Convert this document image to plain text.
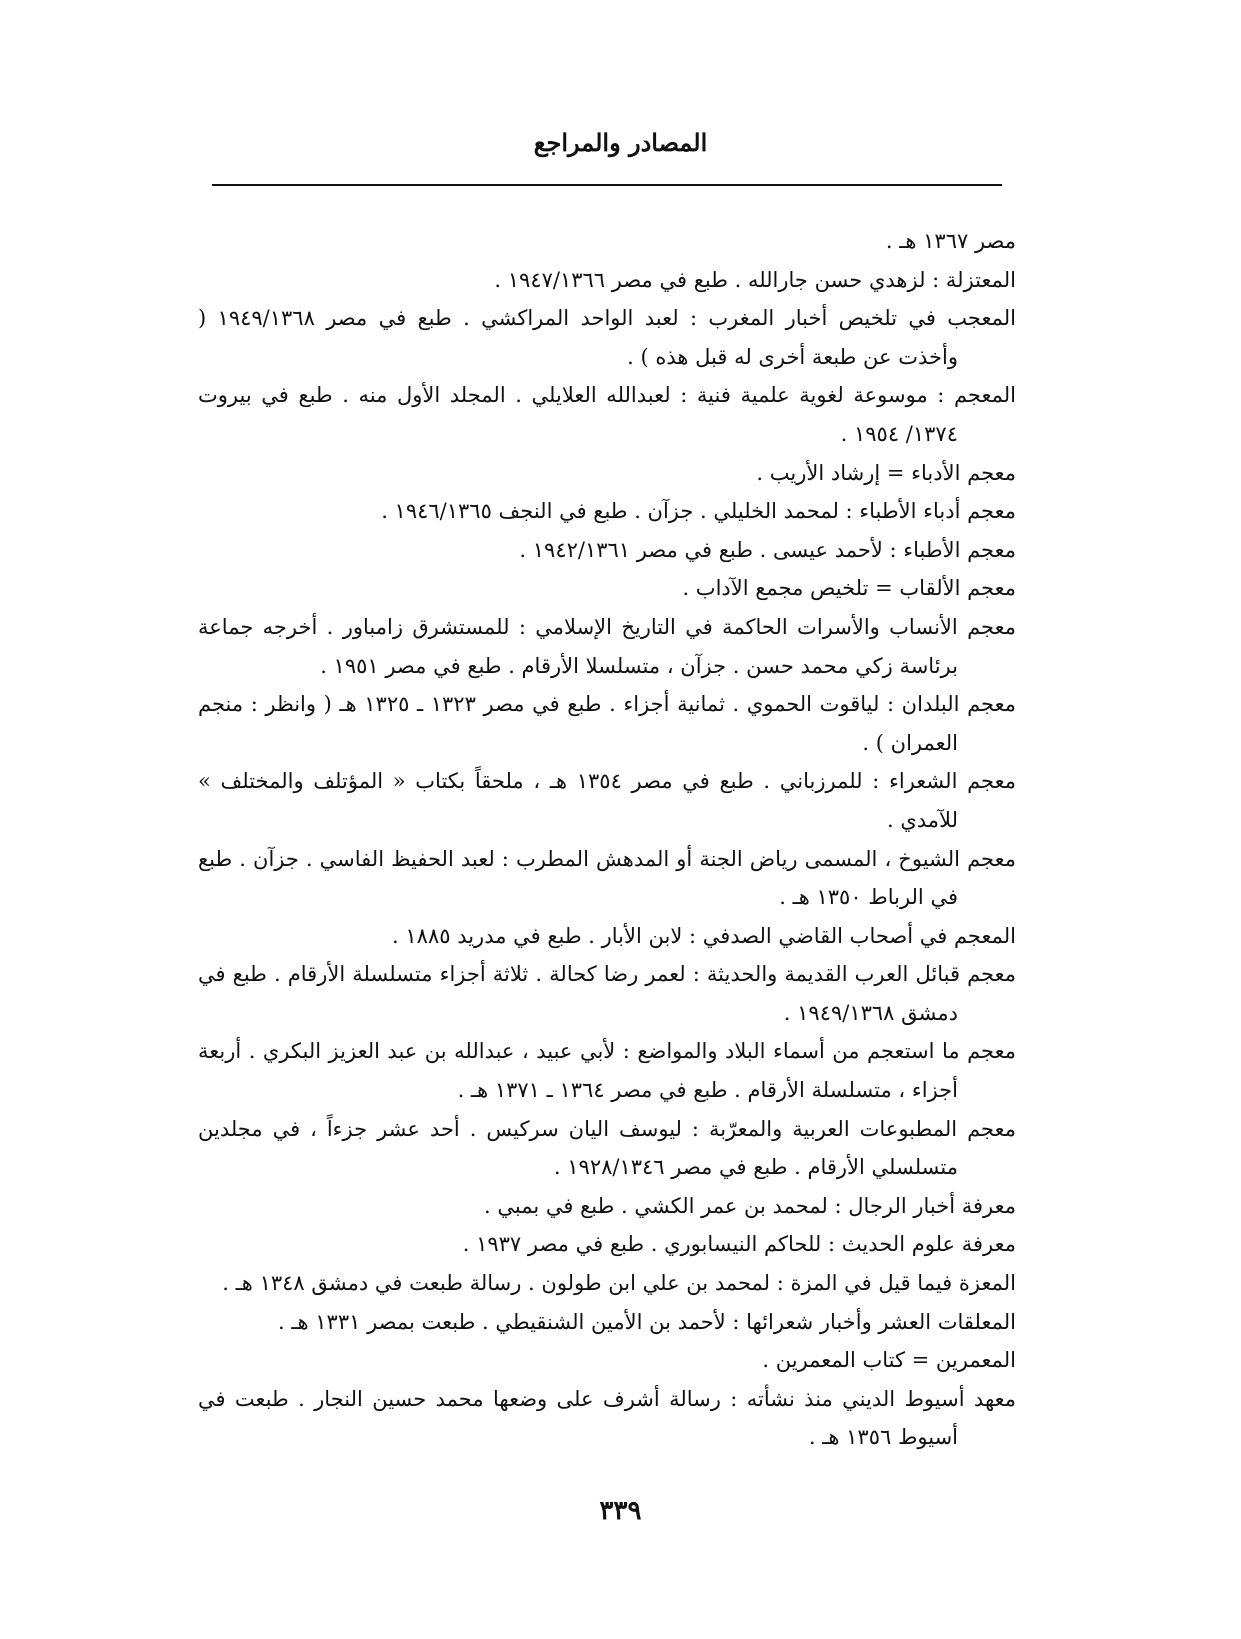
المصادر والمراجع

مصر ١٣٦٧ هـ .

المعتزلة : لزهدي حسن جارالله . طبع في مصر ١٩٤٧/١٣٦٦ .

المعجب في تلخيص أخبار المغرب : لعبد الواحد المراكشي . طبع في مصر ١٩٤٩/١٣٦٨ ( وأخذت عن طبعة أخرى له قبل هذه ) .

المعجم : موسوعة لغوية علمية فنية : لعبدالله العلايلي . المجلد الأول منه . طبع في بيروت ١٣٧٤/ ١٩٥٤ .

معجم الأدباء = إرشاد الأريب .

معجم أدباء الأطباء : لمحمد الخليلي . جزآن . طبع في النجف ١٩٤٦/١٣٦٥ .

معجم الأطباء : لأحمد عيسى . طبع في مصر ١٩٤٢/١٣٦١ .

معجم الألقاب = تلخيص مجمع الآداب .

معجم الأنساب والأسرات الحاكمة في التاريخ الإسلامي : للمستشرق زامباور . أخرجه جماعة برئاسة زكي محمد حسن . جزآن ، متسلسلا الأرقام . طبع في مصر ١٩٥١ .

معجم البلدان : لياقوت الحموي . ثمانية أجزاء . طبع في مصر ١٣٢٣ ـ ١٣٢٥ هـ ( وانظر : منجم العمران ) .

معجم الشعراء : للمرزباني . طبع في مصر ١٣٥٤ هـ ، ملحقاً بكتاب « المؤتلف والمختلف » للآمدي .

معجم الشيوخ ، المسمى رياض الجنة أو المدهش المطرب : لعبد الحفيظ الفاسي . جزآن . طبع في الرباط ١٣٥٠ هـ .

المعجم في أصحاب القاضي الصدفي : لابن الأبار . طبع في مدريد ١٨٨٥ .

معجم قبائل العرب القديمة والحديثة : لعمر رضا كحالة . ثلاثة أجزاء متسلسلة الأرقام . طبع في دمشق ١٩٤٩/١٣٦٨ .

معجم ما استعجم من أسماء البلاد والمواضع : لأبي عبيد ، عبدالله بن عبد العزيز البكري . أربعة أجزاء ، متسلسلة الأرقام . طبع في مصر ١٣٦٤ ـ ١٣٧١ هـ .

معجم المطبوعات العربية والمعرّبة : ليوسف اليان سركيس . أحد عشر جزءاً ، في مجلدين متسلسلي الأرقام . طبع في مصر ١٩٢٨/١٣٤٦ .

معرفة أخبار الرجال : لمحمد بن عمر الكشي . طبع في بمبي .

معرفة علوم الحديث : للحاكم النيسابوري . طبع في مصر ١٩٣٧ .

المعزة فيما قيل في المزة : لمحمد بن علي ابن طولون . رسالة طبعت في دمشق ١٣٤٨ هـ .

المعلقات العشر وأخبار شعرائها : لأحمد بن الأمين الشنقيطي . طبعت بمصر ١٣٣١ هـ .

المعمرين = كتاب المعمرين .

معهد أسيوط الديني منذ نشأته : رسالة أشرف على وضعها محمد حسين النجار . طبعت في أسيوط ١٣٥٦ هـ .

٣٣٩
